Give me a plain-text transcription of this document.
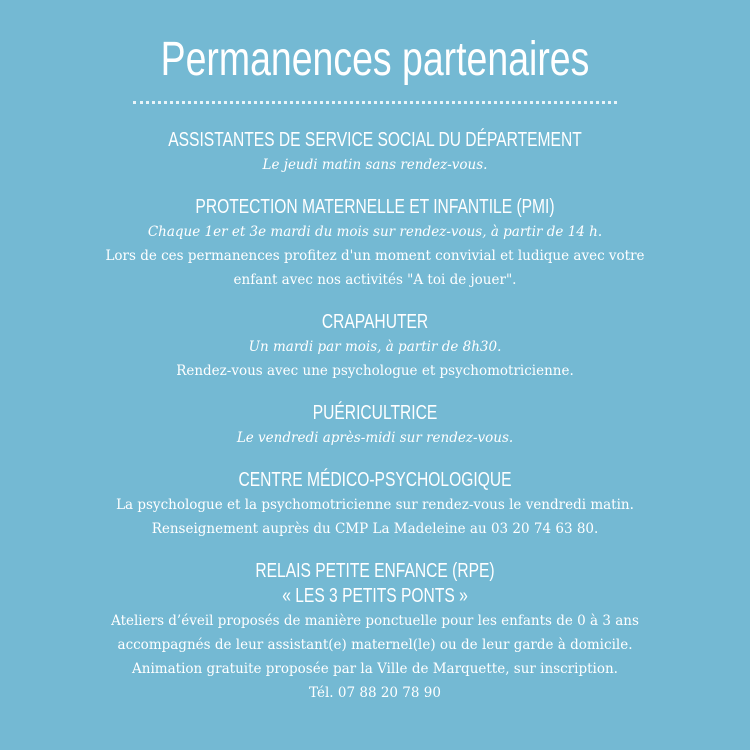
Permanences partenaires
ASSISTANTES DE SERVICE SOCIAL DU DÉPARTEMENT
Le jeudi matin sans rendez-vous.
PROTECTION MATERNELLE ET INFANTILE (PMI)
Chaque 1er et 3e mardi du mois sur rendez-vous, à partir de 14 h.
Lors de ces permanences profitez d'un moment convivial et ludique avec votre
enfant avec nos activités "A toi de jouer".
CRAPAHUTER
Un mardi par mois, à partir de 8h30.
Rendez-vous avec une psychologue et psychomotricienne.
PUÉRICULTRICE
Le vendredi après-midi sur rendez-vous.
CENTRE MÉDICO-PSYCHOLOGIQUE
La psychologue et la psychomotricienne sur rendez-vous le vendredi matin.
Renseignement auprès du CMP La Madeleine au 03 20 74 63 80.
RELAIS PETITE ENFANCE (RPE)
« LES 3 PETITS PONTS »
Ateliers d’éveil proposés de manière ponctuelle pour les enfants de 0 à 3 ans
accompagnés de leur assistant(e) maternel(le) ou de leur garde à domicile.
Animation gratuite proposée par la Ville de Marquette, sur inscription.
Tél. 07 88 20 78 90
